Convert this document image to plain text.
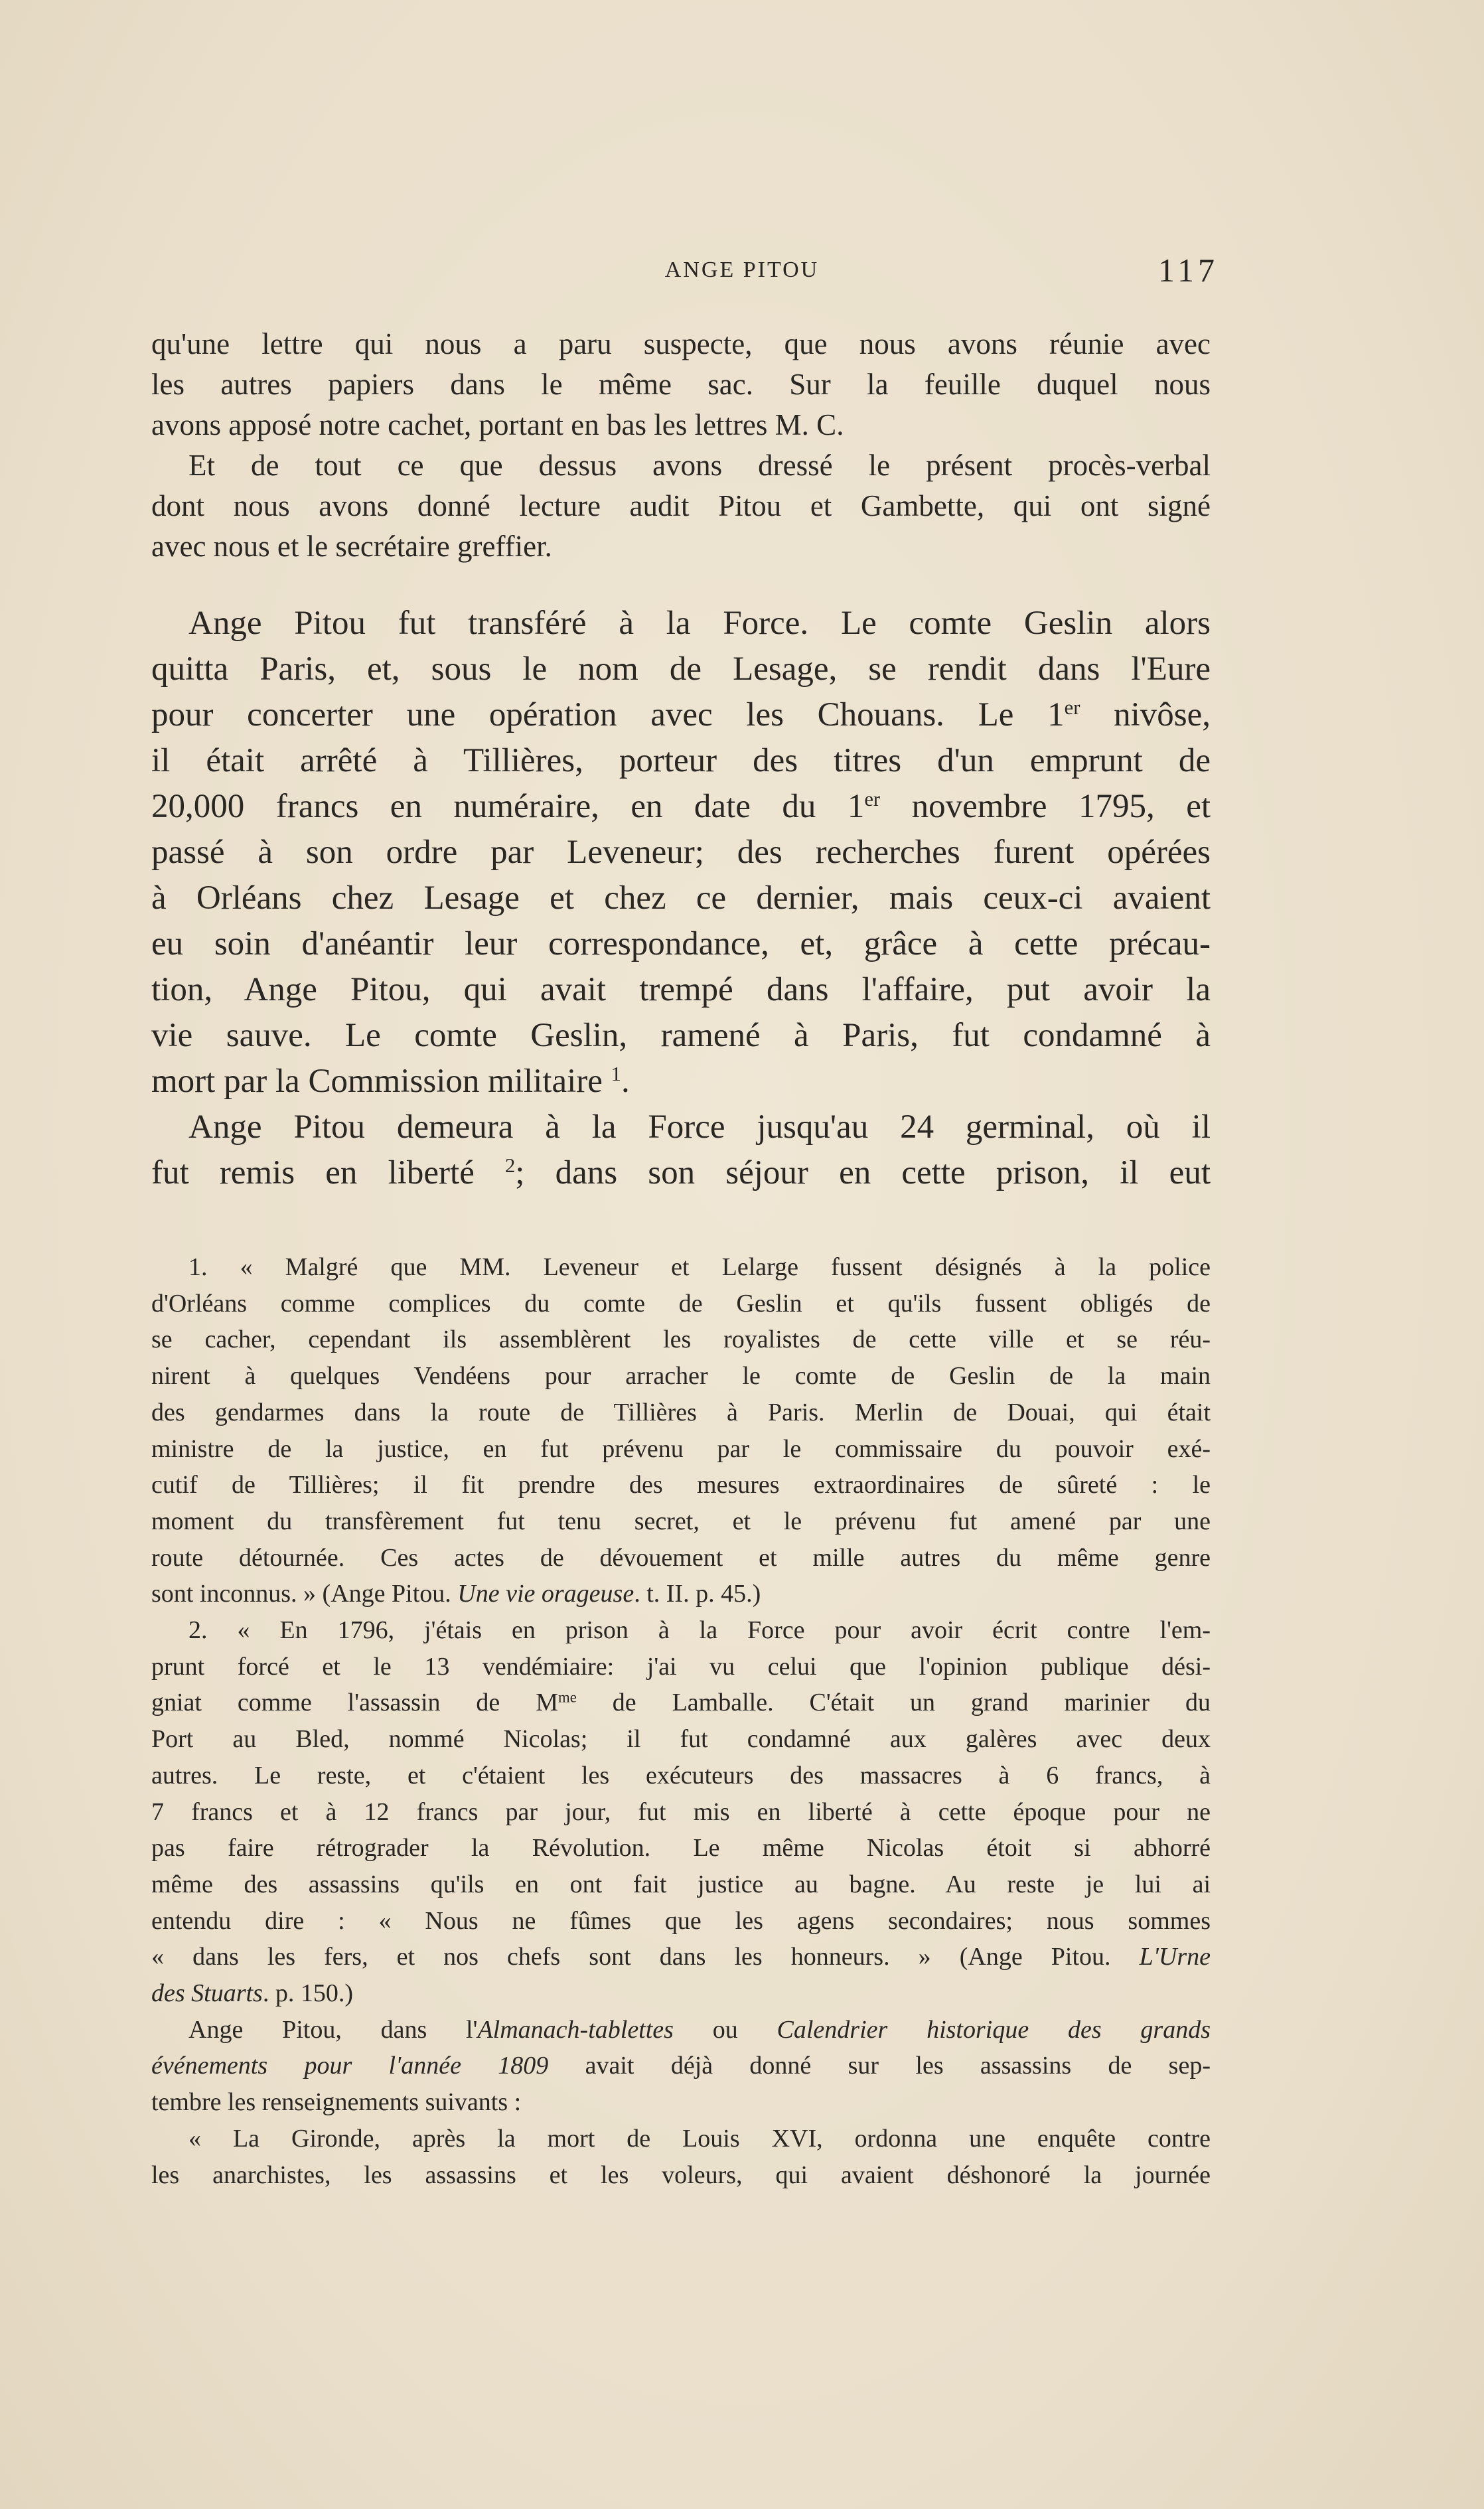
ANGE PITOU	117
qu'une lettre qui nous a paru suspecte, que nous avons réunie avec
les autres papiers dans le même sac. Sur la feuille duquel nous
avons apposé notre cachet, portant en bas les lettres M. C.
Et de tout ce que dessus avons dressé le présent procès-verbal
dont nous avons donné lecture audit Pitou et Gambette, qui ont signé
avec nous et le secrétaire greffier.
Ange Pitou fut transféré à la Force. Le comte Geslin alors
quitta Paris, et, sous le nom de Lesage, se rendit dans l'Eure
pour concerter une opération avec les Chouans. Le 1er nivôse,
il était arrêté à Tillières, porteur des titres d'un emprunt de
20,000 francs en numéraire, en date du 1er novembre 1795, et
passé à son ordre par Leveneur; des recherches furent opérées
à Orléans chez Lesage et chez ce dernier, mais ceux-ci avaient
eu soin d'anéantir leur correspondance, et, grâce à cette précau-
tion, Ange Pitou, qui avait trempé dans l'affaire, put avoir la
vie sauve. Le comte Geslin, ramené à Paris, fut condamné à
mort par la Commission militaire $^1$.
Ange Pitou demeura à la Force jusqu'au 24 germinal, où il
fut remis en liberté $^2$; dans son séjour en cette prison, il eut
1. « Malgré que MM. Leveneur et Lelarge fussent désignés à la police
d'Orléans comme complices du comte de Geslin et qu'ils fussent obligés de
se cacher, cependant ils assemblèrent les royalistes de cette ville et se réu-
nirent à quelques Vendéens pour arracher le comte de Geslin de la main
des gendarmes dans la route de Tillières à Paris. Merlin de Douai, qui était
ministre de la justice, en fut prévenu par le commissaire du pouvoir exé-
cutif de Tillières; il fit prendre des mesures extraordinaires de sûreté : le
moment du transfèrement fut tenu secret, et le prévenu fut amené par une
route détournée. Ces actes de dévouement et mille autres du même genre
sont inconnus. » (Ange Pitou. Une vie orageuse. t. II. p. 45.)
2. « En 1796, j'étais en prison à la Force pour avoir écrit contre l'em-
prunt forcé et le 13 vendémiaire: j'ai vu celui que l'opinion publique dési-
gniat comme l'assassin de $M^{me}$ de Lamballe. C'était un grand marinier du
Port au Bled, nommé Nicolas; il fut condamné aux galères avec deux
autres. Le reste, et c'étaient les exécuteurs des massacres à 6 francs, à
7 francs et à 12 francs par jour, fut mis en liberté à cette époque pour ne
pas faire rétrograder la Révolution. Le même Nicolas étoit si abhorré
même des assassins qu'ils en ont fait justice au bagne. Au reste je lui ai
entendu dire : « Nous ne fûmes que les agens secondaires; nous sommes
« dans les fers, et nos chefs sont dans les honneurs. » (Ange Pitou. L'Urne
des Stuarts. p. 150.)
Ange Pitou, dans l'Almanach-tablettes ou Calendrier historique des grands
événements pour l'année 1809 avait déjà donné sur les assassins de sep-
tembre les renseignements suivants :
« La Gironde, après la mort de Louis XVI, ordonna une enquête contre
les anarchistes, les assassins et les voleurs, qui avaient déshonoré la journée
